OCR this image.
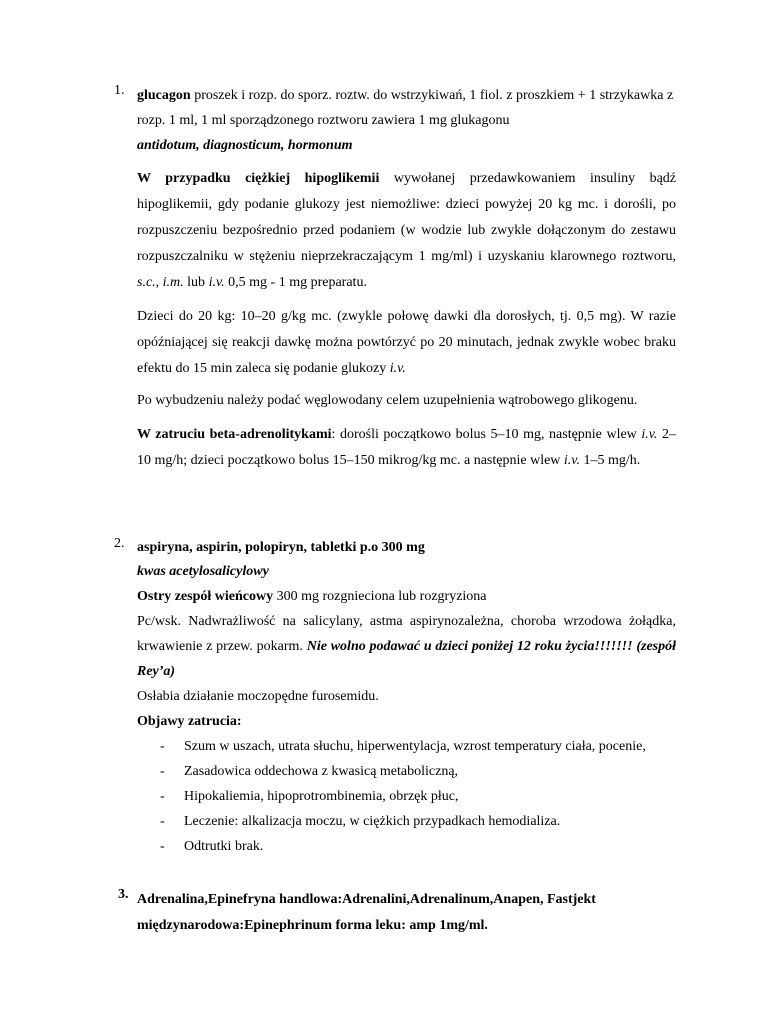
1. glucagon proszek i rozp. do sporz. roztw. do wstrzykiwań, 1 fiol. z proszkiem + 1 strzykawka z rozp. 1 ml, 1 ml sporządzonego roztworu zawiera 1 mg glukagonu

antidotum, diagnosticum, hormonum

W przypadku ciężkiej hipoglikemii wywołanej przedawkowaniem insuliny bądź hipoglikemii, gdy podanie glukozy jest niemożliwe: dzieci powyżej 20 kg mc. i dorośli, po rozpuszczeniu bezpośrednio przed podaniem (w wodzie lub zwykle dołączonym do zestawu rozpuszczalniku w stężeniu nieprzekraczającym 1 mg/ml) i uzyskaniu klarownego roztworu, s.c., i.m. lub i.v. 0,5 mg - 1 mg preparatu.

Dzieci do 20 kg: 10–20 g/kg mc. (zwykle połowę dawki dla dorosłych, tj. 0,5 mg). W razie opóźniającej się reakcji dawkę można powtórzyć po 20 minutach, jednak zwykle wobec braku efektu do 15 min zaleca się podanie glukozy i.v.

Po wybudzeniu należy podać węglowodany celem uzupełnienia wątrobowego glikogenu.

W zatruciu beta-adrenolitykami: dorośli początkowo bolus 5–10 mg, następnie wlew i.v. 2–10 mg/h; dzieci początkowo bolus 15–150 mikrog/kg mc. a następnie wlew i.v. 1–5 mg/h.

2. aspiryna, aspirin, polopiryn, tabletki p.o 300 mg

kwas acetylosalicylowy

Ostry zespół wieńcowy 300 mg rozgnieciona lub rozgryziona

Pc/wsk. Nadwrażliwość na salicylany, astma aspirynozależna, choroba wrzodowa żołądka, krwawienie z przew. pokarm. Nie wolno podawać u dzieci poniżej 12 roku życia!!!!!!! (zespół Rey’a)

Osłabia działanie moczopędne furosemidu.

Objawy zatrucia:

- Szum w uszach, utrata słuchu, hiperwentylacja, wzrost temperatury ciała, pocenie,
- Zasadowica oddechowa z kwasicą metaboliczną,
- Hipokaliemia, hipoprotrombinemia, obrzęk płuc,
- Leczenie: alkalizacja moczu, w ciężkich przypadkach hemodializa.
- Odtrutki brak.
3. Adrenalina,Epinefryna handlowa:Adrenalini,Adrenalinum,Anapen, Fastjekt międzynarodowa:Epinephrinum forma leku: amp 1mg/ml.
